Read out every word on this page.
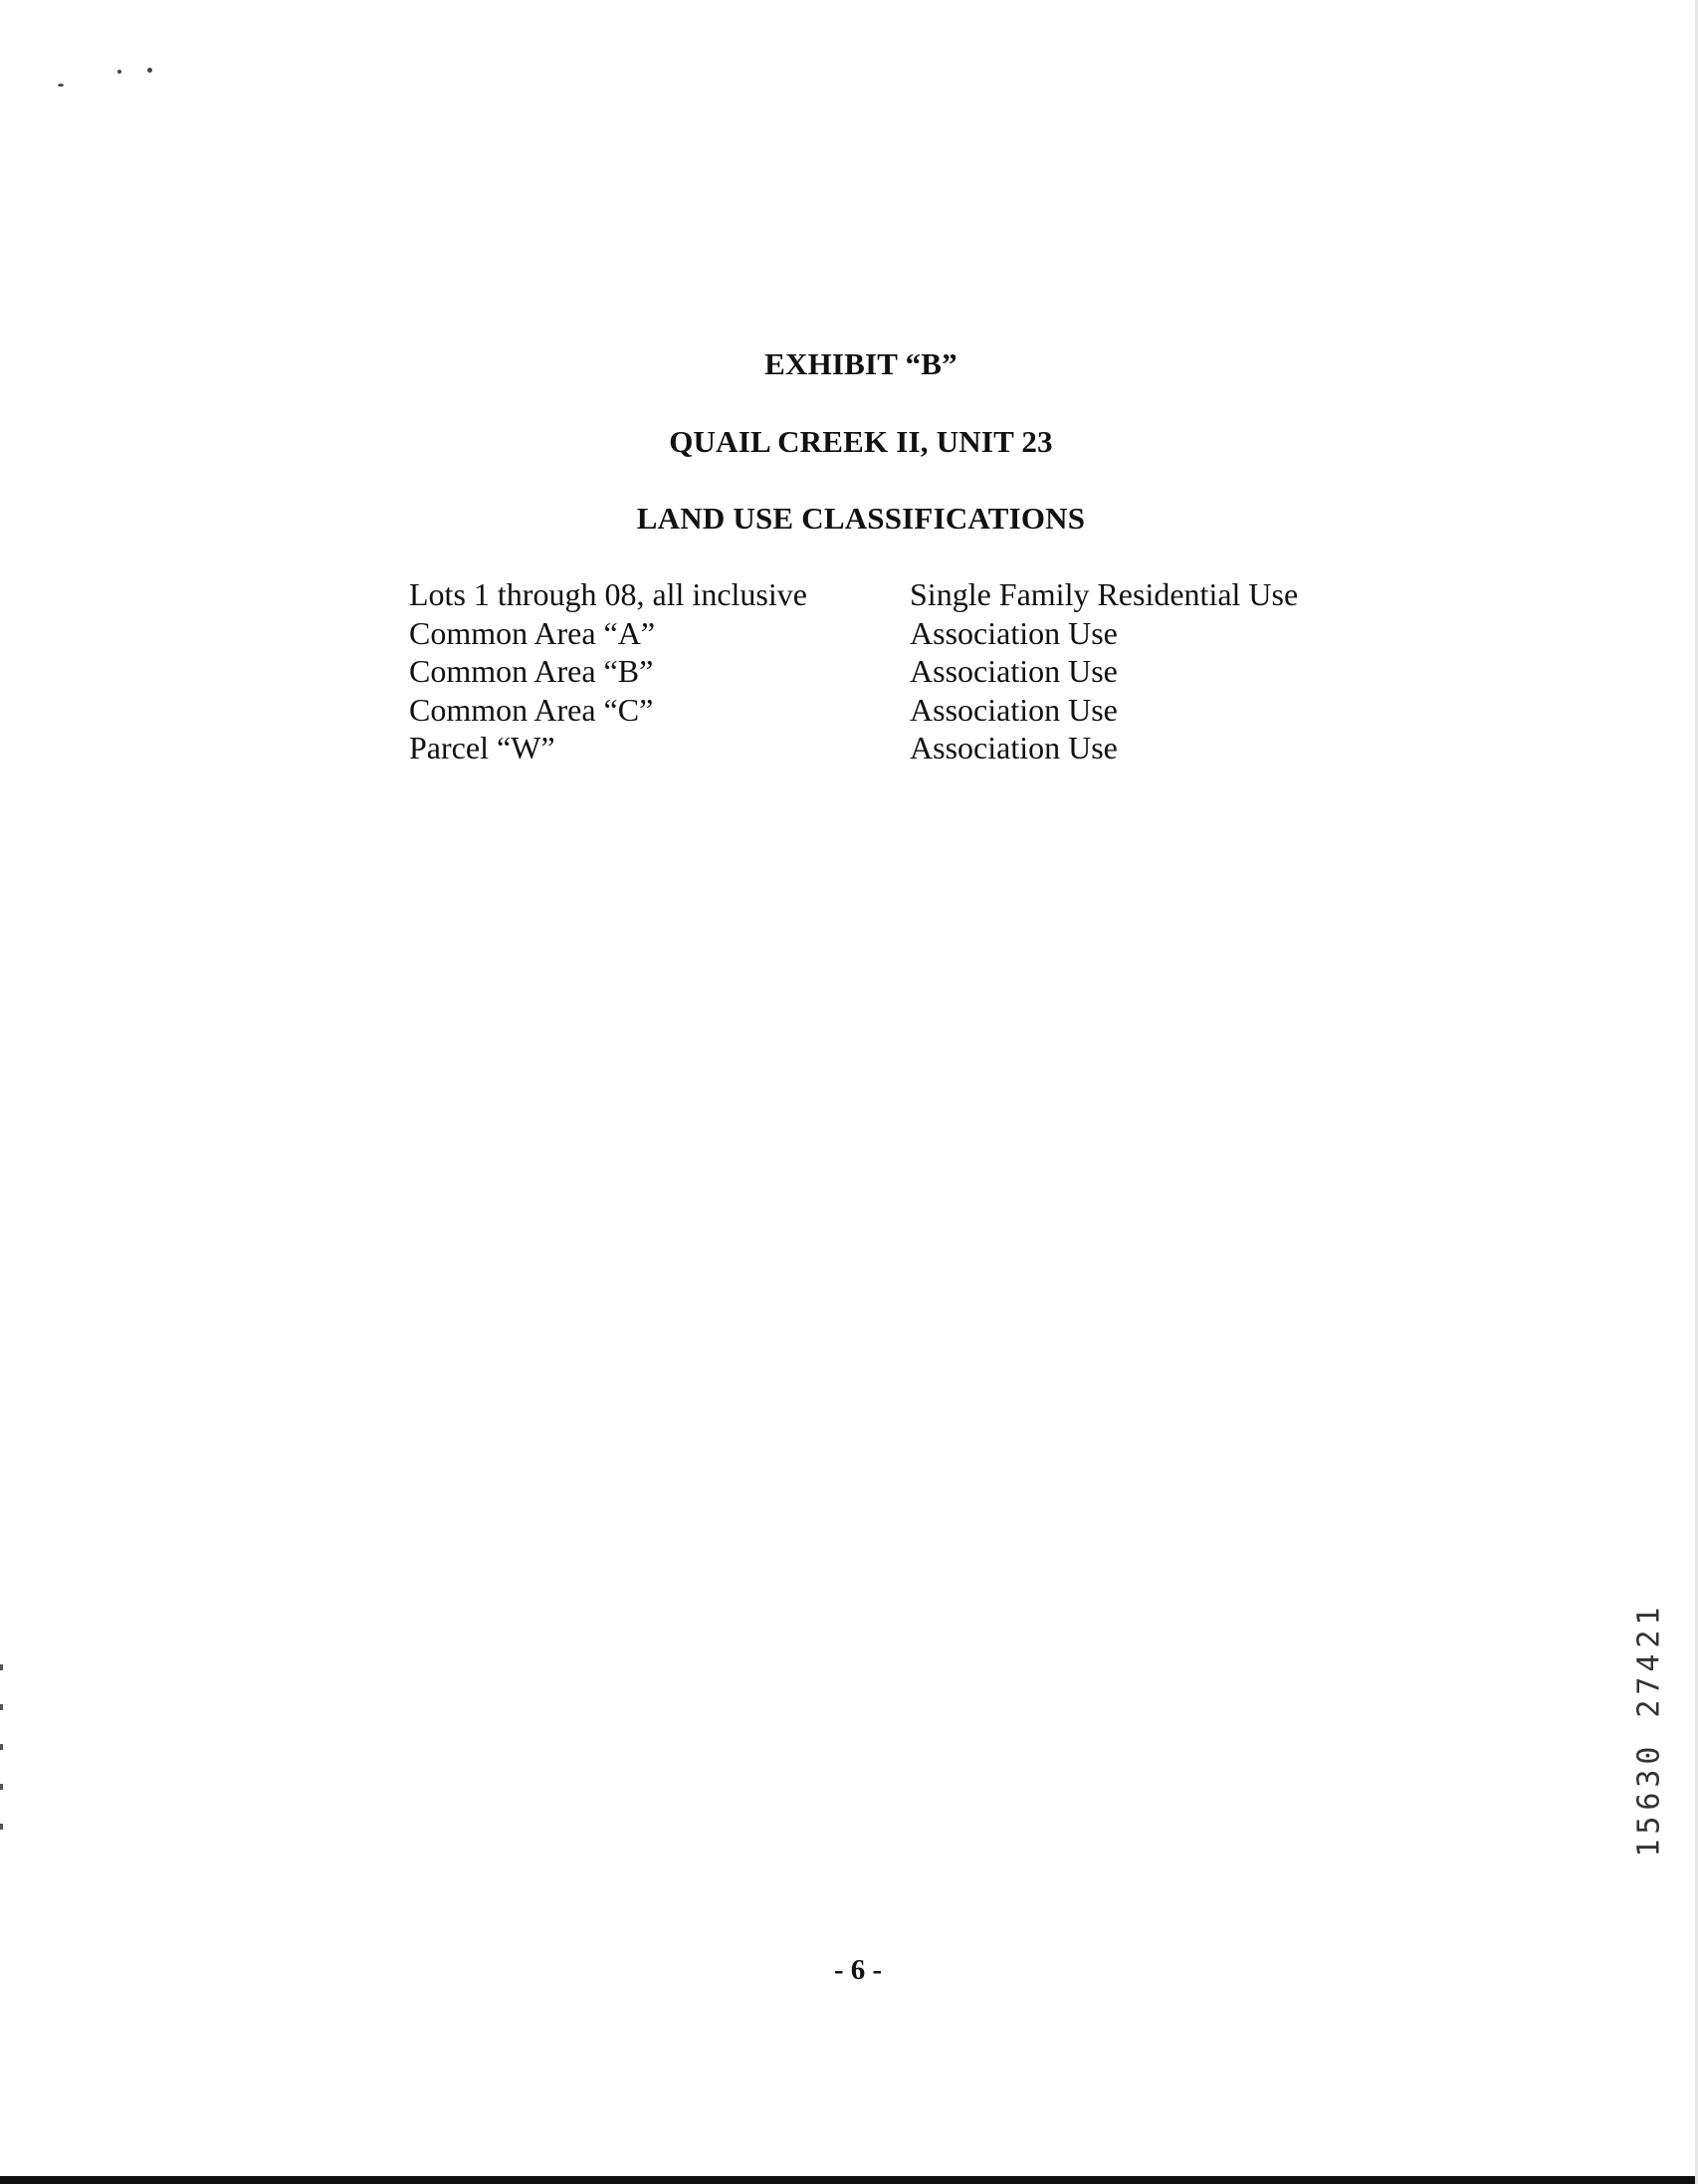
EXHIBIT “B”
QUAIL CREEK II, UNIT 23
LAND USE CLASSIFICATIONS
Lots 1 through 08, all inclusive	Single Family Residential Use
Common Area “A”	Association Use
Common Area “B”	Association Use
Common Area “C”	Association Use
Parcel “W”	Association Use
- 6 -
1
2
4
7
2

0
3
6
5
1
